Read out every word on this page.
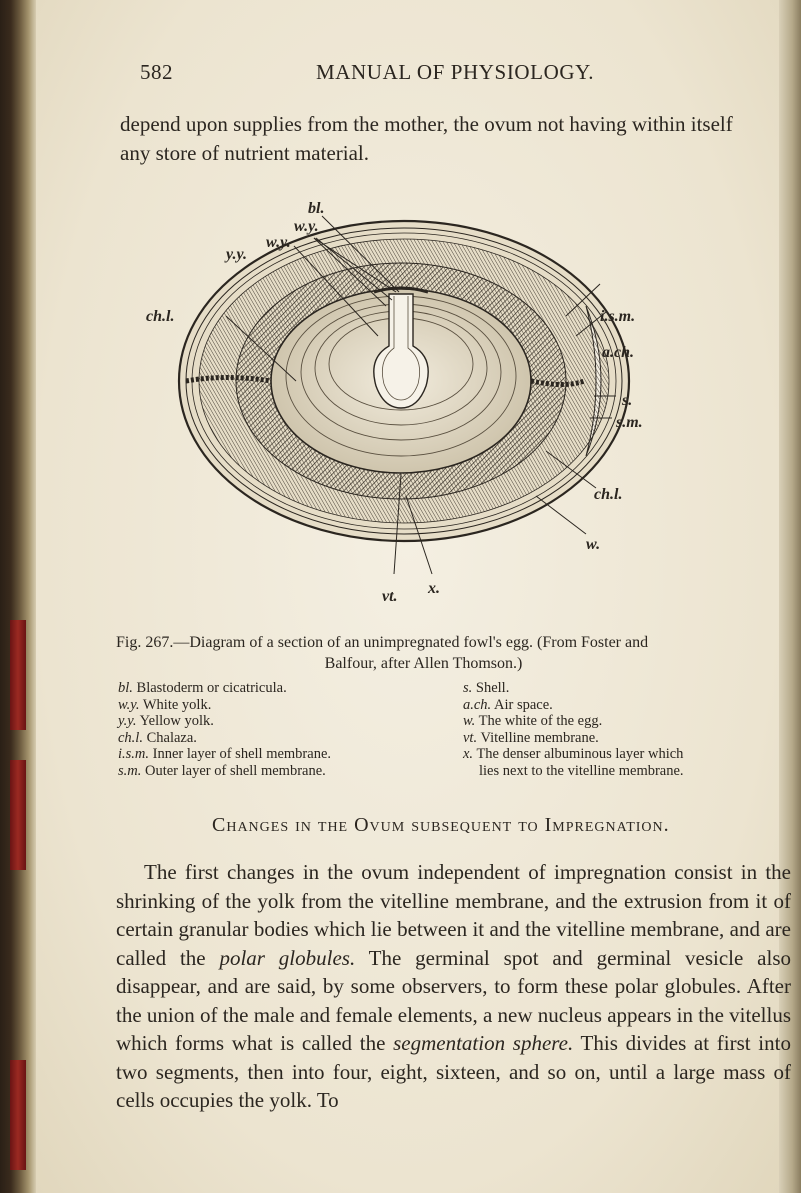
582	MANUAL OF PHYSIOLOGY.

depend upon supplies from the mother, the ovum not having within itself any store of nutrient material.

bl.
w.y.
w.y.
y.y.
ch.l.	i.s.m.
a.ch.
s.
s.m.
ch.l.
w.
vt. x.

Fig. 267.—Diagram of a section of an unimpregnated fowl's egg. (From Foster and
Balfour, after Allen Thomson.)

bl. Blastoderm or cicatricula.
w.y. White yolk.
y.y. Yellow yolk.
ch.l. Chalaza.
i.s.m. Inner layer of shell membrane.
s.m. Outer layer of shell membrane.
s. Shell.
a.ch. Air space.
w. The white of the egg.
vt. Vitelline membrane.
x. The denser albuminous layer which
lies next to the vitelline membrane.
Changes in the Ovum subsequent to Impregnation.

The first changes in the ovum independent of impregnation consist in the shrinking of the yolk from the vitelline membrane, and the extrusion from it of certain granular bodies which lie between it and the vitelline membrane, and are called the polar globules. The germinal spot and germinal vesicle also disappear, and are said, by some observers, to form these polar globules. After the union of the male and female elements, a new nucleus appears in the vitellus which forms what is called the segmentation sphere. This divides at first into two segments, then into four, eight, sixteen, and so on, until a large mass of cells occupies the yolk. To
